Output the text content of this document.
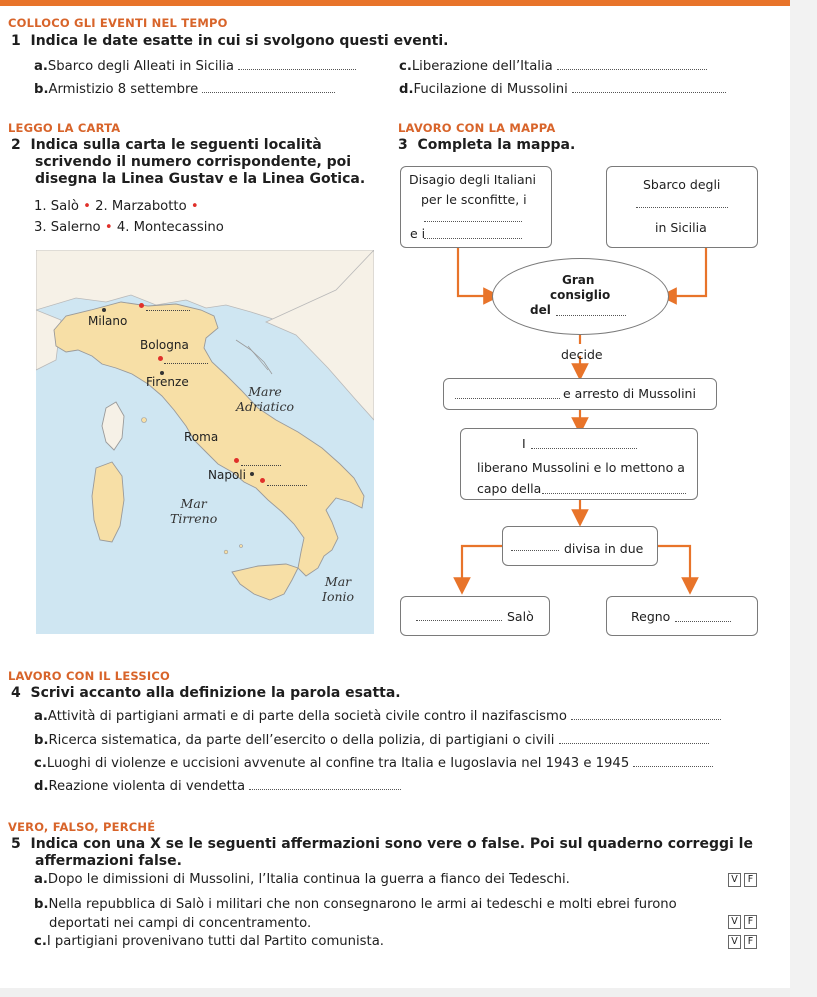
COLLOCO GLI EVENTI NEL TEMPO
1 Indica le date esatte in cui si svolgono questi eventi.
a.Sbarco degli Alleati in Sicilia
b.Armistizio 8 settembre
c.Liberazione dell’Italia
d.Fucilazione di Mussolini
LEGGO LA CARTA
2 Indica sulla carta le seguenti località
scrivendo il numero corrispondente, poi
disegna la Linea Gustav e la Linea Gotica.
1. Salò • 2. Marzabotto •
3. Salerno • 4. Montecassino
Milano
Bologna
Firenze
Roma
Napoli
Mare
Adriatico
Mar
Tirreno
Mar
Ionio
LAVORO CON LA MAPPA
3 Completa la mappa.
Disagio degli Italiani
per le sconfitte, i
e i
Sbarco degli
in Sicilia
Gran
consiglio
del
decide
e arresto di Mussolini
I
liberano Mussolini e lo mettono a
capo della
divisa in due
Salò	Regno
LAVORO CON IL LESSICO
4 Scrivi accanto alla definizione la parola esatta.
a.Attività di partigiani armati e di parte della società civile contro il nazifascismo
b.Ricerca sistematica, da parte dell’esercito o della polizia, di partigiani o civili
c.Luoghi di violenze e uccisioni avvenute al confine tra Italia e Iugoslavia nel 1943 e 1945
d.Reazione violenta di vendetta
VERO, FALSO, PERCHÉ
5 Indica con una X se le seguenti affermazioni sono vere o false. Poi sul quaderno correggi le
affermazioni false.
a.Dopo le dimissioni di Mussolini, l’Italia continua la guerra a fianco dei Tedeschi.
b.Nella repubblica di Salò i militari che non consegnarono le armi ai tedeschi e molti ebrei furono
deportati nei campi di concentramento.
c.I partigiani provenivano tutti dal Partito comunista.
V	F
V	F
V	F
